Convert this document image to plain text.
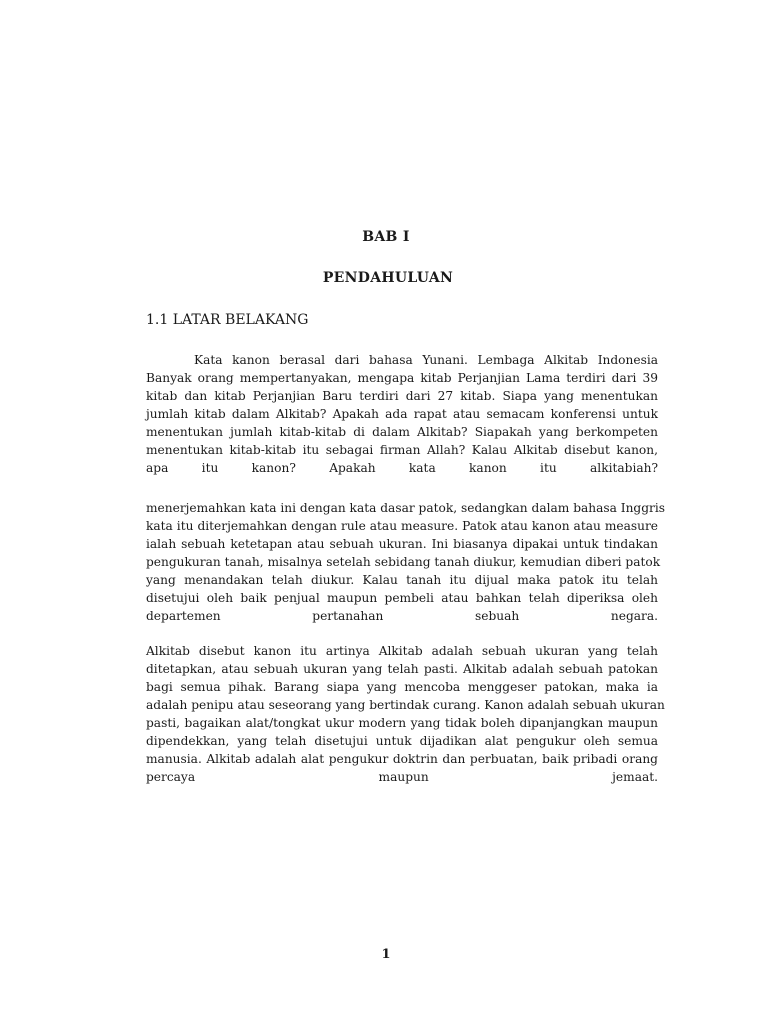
BAB I
PENDAHULUAN
1.1 LATAR BELAKANG
Kata kanon berasal dari bahasa Yunani. Lembaga Alkitab Indonesia
Banyak orang mempertanyakan, mengapa kitab Perjanjian Lama terdiri dari 39
kitab dan kitab Perjanjian Baru terdiri dari 27 kitab. Siapa yang menentukan
jumlah kitab dalam Alkitab? Apakah ada rapat atau semacam konferensi untuk
menentukan jumlah kitab-kitab di dalam Alkitab? Siapakah yang berkompeten
menentukan kitab-kitab itu sebagai firman Allah? Kalau Alkitab disebut kanon,
apa itu kanon? Apakah kata kanon itu alkitabiah?
menerjemahkan kata ini dengan kata dasar patok, sedangkan dalam bahasa Inggris
kata itu diterjemahkan dengan rule atau measure. Patok atau kanon atau measure
ialah sebuah ketetapan atau sebuah ukuran. Ini biasanya dipakai untuk tindakan
pengukuran tanah, misalnya setelah sebidang tanah diukur, kemudian diberi patok
yang menandakan telah diukur. Kalau tanah itu dijual maka patok itu telah
disetujui oleh baik penjual maupun pembeli atau bahkan telah diperiksa oleh
departemen pertanahan sebuah negara.
Alkitab disebut kanon itu artinya Alkitab adalah sebuah ukuran yang telah
ditetapkan, atau sebuah ukuran yang telah pasti. Alkitab adalah sebuah patokan
bagi semua pihak. Barang siapa yang mencoba menggeser patokan, maka ia
adalah penipu atau seseorang yang bertindak curang. Kanon adalah sebuah ukuran
pasti, bagaikan alat/tongkat ukur modern yang tidak boleh dipanjangkan maupun
dipendekkan, yang telah disetujui untuk dijadikan alat pengukur oleh semua
manusia. Alkitab adalah alat pengukur doktrin dan perbuatan, baik pribadi orang
percaya maupun jemaat.
1
